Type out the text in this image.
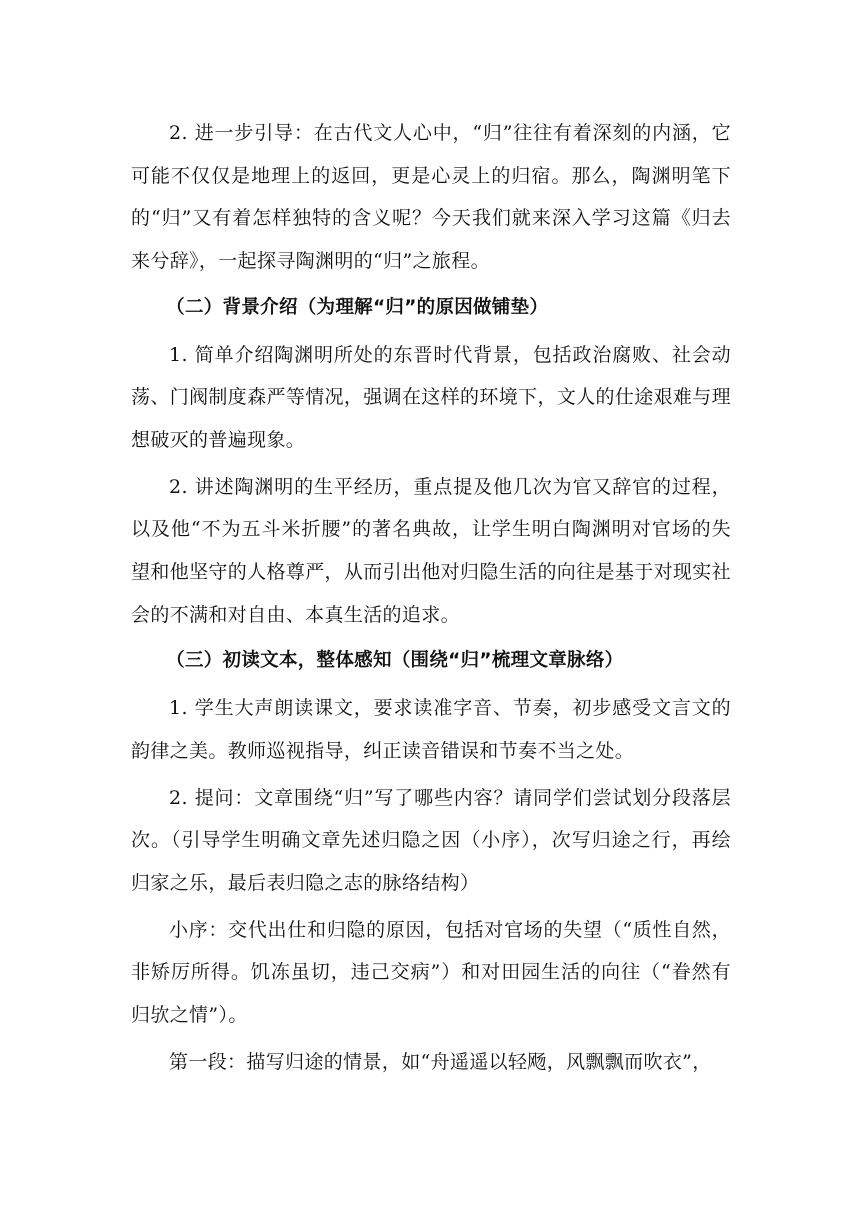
2. 进一步引导：在古代文人心中，“归”往往有着深刻的内涵，它可能不仅仅是地理上的返回，更是心灵上的归宿。那么，陶渊明笔下的“归”又有着怎样独特的含义呢？今天我们就来深入学习这篇《归去来兮辞》，一起探寻陶渊明的“归”之旅程。

（二）背景介绍（为理解“归”的原因做铺垫）

1. 简单介绍陶渊明所处的东晋时代背景，包括政治腐败、社会动荡、门阀制度森严等情况，强调在这样的环境下，文人的仕途艰难与理想破灭的普遍现象。

2. 讲述陶渊明的生平经历，重点提及他几次为官又辞官的过程，以及他“不为五斗米折腰”的著名典故，让学生明白陶渊明对官场的失望和他坚守的人格尊严，从而引出他对归隐生活的向往是基于对现实社会的不满和对自由、本真生活的追求。

（三）初读文本，整体感知（围绕“归”梳理文章脉络）

1. 学生大声朗读课文，要求读准字音、节奏，初步感受文言文的韵律之美。教师巡视指导，纠正读音错误和节奏不当之处。

2. 提问：文章围绕“归”写了哪些内容？请同学们尝试划分段落层次。（引导学生明确文章先述归隐之因（小序），次写归途之行，再绘归家之乐，最后表归隐之志的脉络结构）

小序：交代出仕和归隐的原因，包括对官场的失望（“质性自然，非矫厉所得。饥冻虽切，违己交病”）和对田园生活的向往（“眷然有归欤之情”）。

第一段：描写归途的情景，如“舟遥遥以轻飏，风飘飘而吹衣”，
